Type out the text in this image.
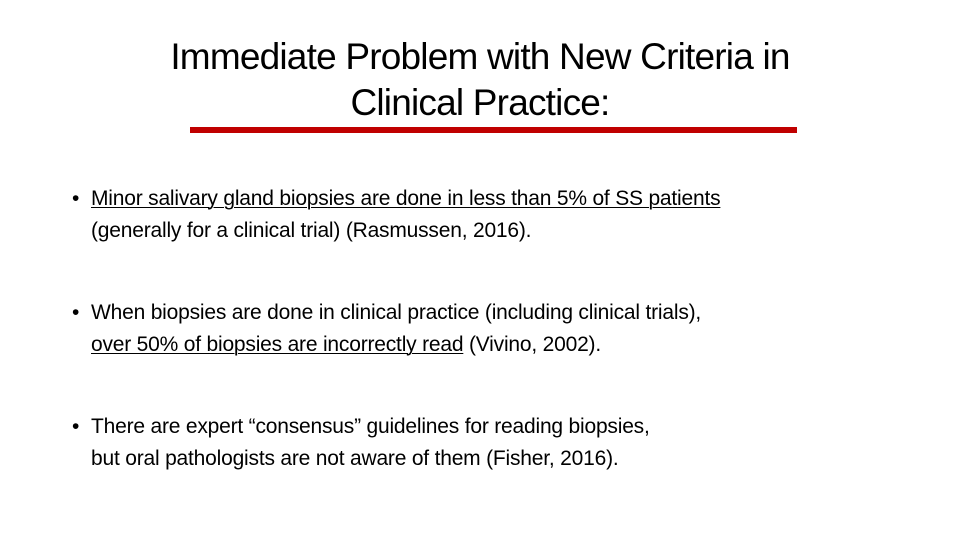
Immediate Problem with New Criteria in
Clinical Practice:
• Minor salivary gland biopsies are done in less than 5% of SS patients
(generally for a clinical trial) (Rasmussen, 2016).
• When biopsies are done in clinical practice (including clinical trials),
over 50% of biopsies are incorrectly read (Vivino, 2002).
• There are expert “consensus” guidelines for reading biopsies,
but oral pathologists are not aware of them (Fisher, 2016).
